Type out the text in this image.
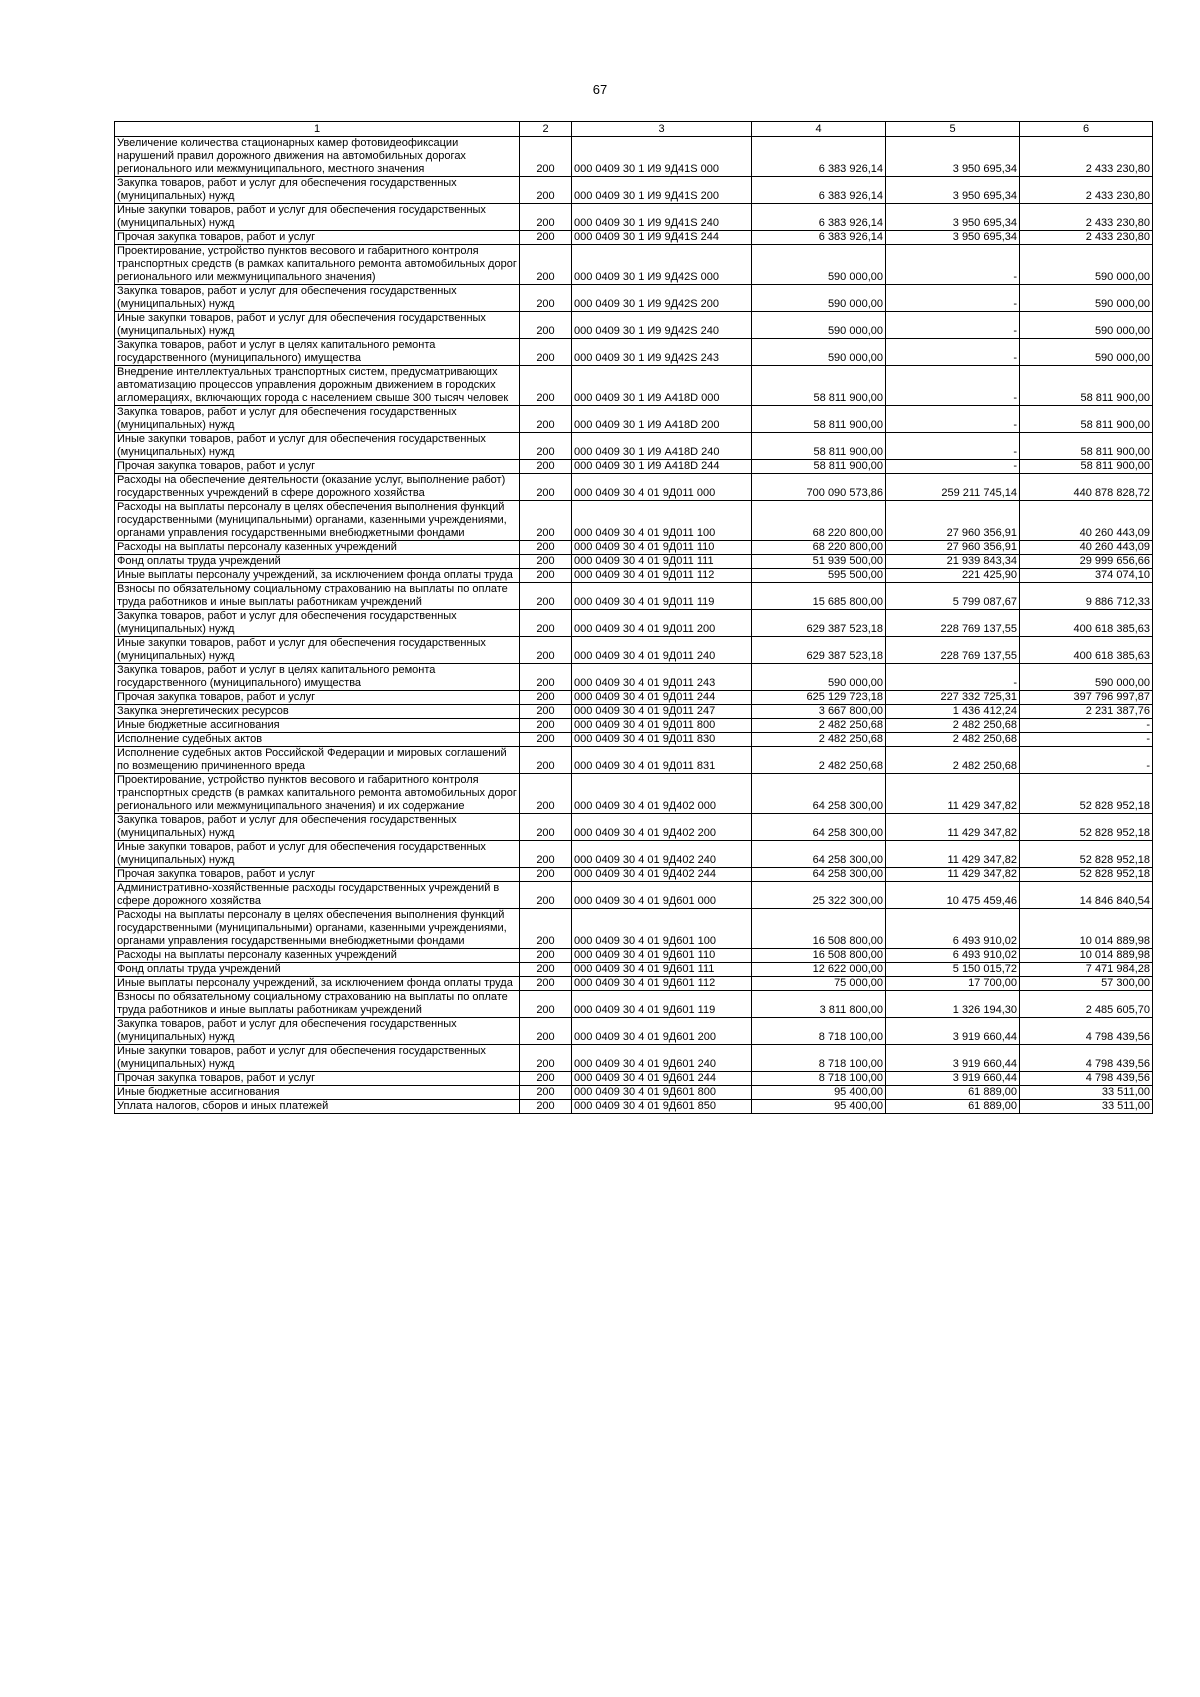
67
1	2	3	4	5	6
Увеличение количества стационарных камер фотовидеофиксации нарушений правил дорожного движения на автомобильных дорогах регионального или межмуниципального, местного значения	200	000 0409 30 1 И9 9Д41S 000	6 383 926,14	3 950 695,34	2 433 230,80
Закупка товаров, работ и услуг для обеспечения государственных (муниципальных) нужд	200	000 0409 30 1 И9 9Д41S 200	6 383 926,14	3 950 695,34	2 433 230,80
Иные закупки товаров, работ и услуг для обеспечения государственных (муниципальных) нужд	200	000 0409 30 1 И9 9Д41S 240	6 383 926,14	3 950 695,34	2 433 230,80
Прочая закупка товаров, работ и услуг	200	000 0409 30 1 И9 9Д41S 244	6 383 926,14	3 950 695,34	2 433 230,80
Проектирование, устройство пунктов весового и габаритного контроля транспортных средств (в рамках капитального ремонта автомобильных дорог регионального или межмуниципального значения)	200	000 0409 30 1 И9 9Д42S 000	590 000,00	-	590 000,00
Закупка товаров, работ и услуг для обеспечения государственных (муниципальных) нужд	200	000 0409 30 1 И9 9Д42S 200	590 000,00	-	590 000,00
Иные закупки товаров, работ и услуг для обеспечения государственных (муниципальных) нужд	200	000 0409 30 1 И9 9Д42S 240	590 000,00	-	590 000,00
Закупка товаров, работ и услуг в целях капитального ремонта государственного (муниципального) имущества	200	000 0409 30 1 И9 9Д42S 243	590 000,00	-	590 000,00
Внедрение интеллектуальных транспортных систем, предусматривающих автоматизацию процессов управления дорожным движением в городских агломерациях, включающих города с населением свыше 300 тысяч человек	200	000 0409 30 1 И9 А418D 000	58 811 900,00	-	58 811 900,00
Закупка товаров, работ и услуг для обеспечения государственных (муниципальных) нужд	200	000 0409 30 1 И9 А418D 200	58 811 900,00	-	58 811 900,00
Иные закупки товаров, работ и услуг для обеспечения государственных (муниципальных) нужд	200	000 0409 30 1 И9 А418D 240	58 811 900,00	-	58 811 900,00
Прочая закупка товаров, работ и услуг	200	000 0409 30 1 И9 А418D 244	58 811 900,00	-	58 811 900,00
Расходы на обеспечение деятельности (оказание услуг, выполнение работ) государственных учреждений в сфере дорожного хозяйства	200	000 0409 30 4 01 9Д011 000	700 090 573,86	259 211 745,14	440 878 828,72
Расходы на выплаты персоналу в целях обеспечения выполнения функций государственными (муниципальными) органами, казенными учреждениями, органами управления государственными внебюджетными фондами	200	000 0409 30 4 01 9Д011 100	68 220 800,00	27 960 356,91	40 260 443,09
Расходы на выплаты персоналу казенных учреждений	200	000 0409 30 4 01 9Д011 110	68 220 800,00	27 960 356,91	40 260 443,09
Фонд оплаты труда учреждений	200	000 0409 30 4 01 9Д011 111	51 939 500,00	21 939 843,34	29 999 656,66
Иные выплаты персоналу учреждений, за исключением фонда оплаты труда	200	000 0409 30 4 01 9Д011 112	595 500,00	221 425,90	374 074,10
Взносы по обязательному социальному страхованию на выплаты по оплате труда работников и иные выплаты работникам учреждений	200	000 0409 30 4 01 9Д011 119	15 685 800,00	5 799 087,67	9 886 712,33
Закупка товаров, работ и услуг для обеспечения государственных (муниципальных) нужд	200	000 0409 30 4 01 9Д011 200	629 387 523,18	228 769 137,55	400 618 385,63
Иные закупки товаров, работ и услуг для обеспечения государственных (муниципальных) нужд	200	000 0409 30 4 01 9Д011 240	629 387 523,18	228 769 137,55	400 618 385,63
Закупка товаров, работ и услуг в целях капитального ремонта государственного (муниципального) имущества	200	000 0409 30 4 01 9Д011 243	590 000,00	-	590 000,00
Прочая закупка товаров, работ и услуг	200	000 0409 30 4 01 9Д011 244	625 129 723,18	227 332 725,31	397 796 997,87
Закупка энергетических ресурсов	200	000 0409 30 4 01 9Д011 247	3 667 800,00	1 436 412,24	2 231 387,76
Иные бюджетные ассигнования	200	000 0409 30 4 01 9Д011 800	2 482 250,68	2 482 250,68	-
Исполнение судебных актов	200	000 0409 30 4 01 9Д011 830	2 482 250,68	2 482 250,68	-
Исполнение судебных актов Российской Федерации и мировых соглашений по возмещению причиненного вреда	200	000 0409 30 4 01 9Д011 831	2 482 250,68	2 482 250,68	-
Проектирование, устройство пунктов весового и габаритного контроля транспортных средств (в рамках капитального ремонта автомобильных дорог регионального или межмуниципального значения) и их содержание	200	000 0409 30 4 01 9Д402 000	64 258 300,00	11 429 347,82	52 828 952,18
Закупка товаров, работ и услуг для обеспечения государственных (муниципальных) нужд	200	000 0409 30 4 01 9Д402 200	64 258 300,00	11 429 347,82	52 828 952,18
Иные закупки товаров, работ и услуг для обеспечения государственных (муниципальных) нужд	200	000 0409 30 4 01 9Д402 240	64 258 300,00	11 429 347,82	52 828 952,18
Прочая закупка товаров, работ и услуг	200	000 0409 30 4 01 9Д402 244	64 258 300,00	11 429 347,82	52 828 952,18
Административно-хозяйственные расходы государственных учреждений в сфере дорожного хозяйства	200	000 0409 30 4 01 9Д601 000	25 322 300,00	10 475 459,46	14 846 840,54
Расходы на выплаты персоналу в целях обеспечения выполнения функций государственными (муниципальными) органами, казенными учреждениями, органами управления государственными внебюджетными фондами	200	000 0409 30 4 01 9Д601 100	16 508 800,00	6 493 910,02	10 014 889,98
Расходы на выплаты персоналу казенных учреждений	200	000 0409 30 4 01 9Д601 110	16 508 800,00	6 493 910,02	10 014 889,98
Фонд оплаты труда учреждений	200	000 0409 30 4 01 9Д601 111	12 622 000,00	5 150 015,72	7 471 984,28
Иные выплаты персоналу учреждений, за исключением фонда оплаты труда	200	000 0409 30 4 01 9Д601 112	75 000,00	17 700,00	57 300,00
Взносы по обязательному социальному страхованию на выплаты по оплате труда работников и иные выплаты работникам учреждений	200	000 0409 30 4 01 9Д601 119	3 811 800,00	1 326 194,30	2 485 605,70
Закупка товаров, работ и услуг для обеспечения государственных (муниципальных) нужд	200	000 0409 30 4 01 9Д601 200	8 718 100,00	3 919 660,44	4 798 439,56
Иные закупки товаров, работ и услуг для обеспечения государственных (муниципальных) нужд	200	000 0409 30 4 01 9Д601 240	8 718 100,00	3 919 660,44	4 798 439,56
Прочая закупка товаров, работ и услуг	200	000 0409 30 4 01 9Д601 244	8 718 100,00	3 919 660,44	4 798 439,56
Иные бюджетные ассигнования	200	000 0409 30 4 01 9Д601 800	95 400,00	61 889,00	33 511,00
Уплата налогов, сборов и иных платежей	200	000 0409 30 4 01 9Д601 850	95 400,00	61 889,00	33 511,00
